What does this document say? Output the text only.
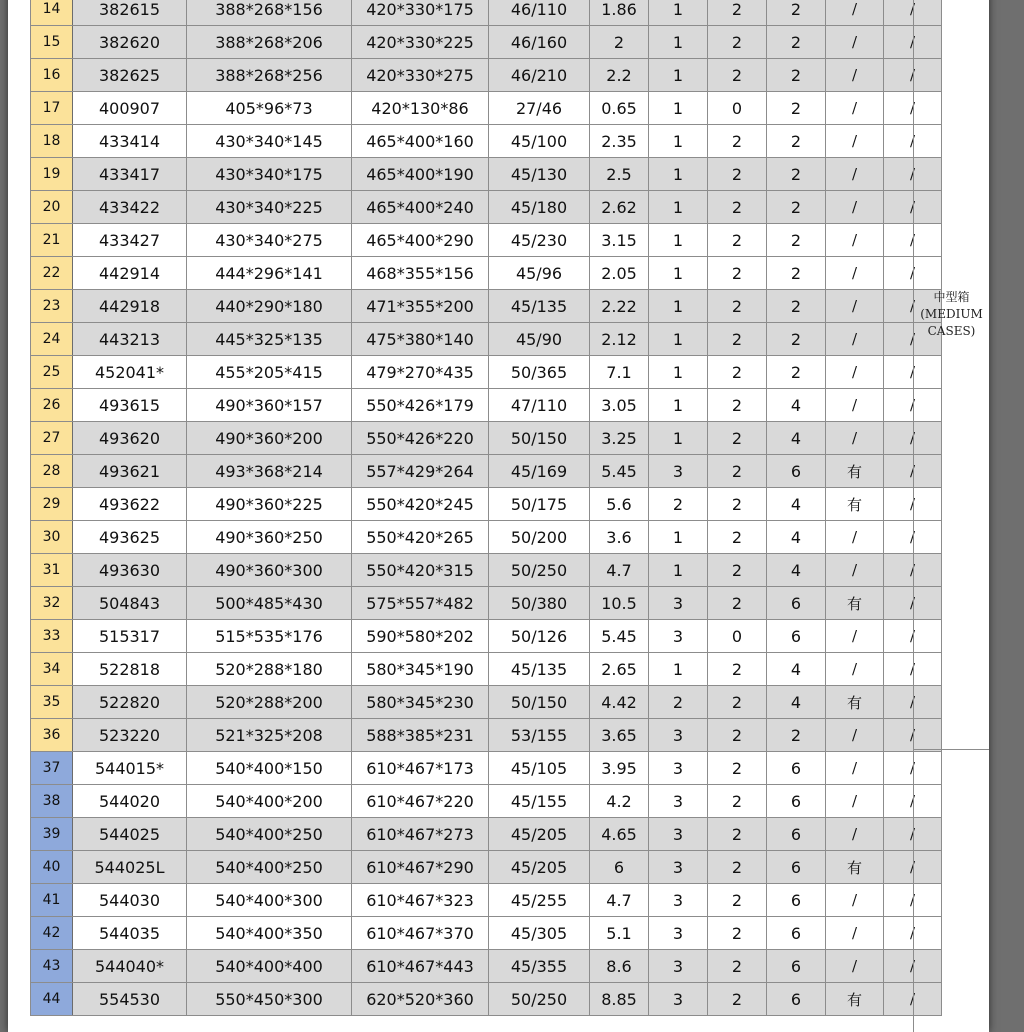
14	382615	388*268*156	420*330*175	46/110	1.86	1	2	2	/	/
15	382620	388*268*206	420*330*225	46/160	2	1	2	2	/	/
16	382625	388*268*256	420*330*275	46/210	2.2	1	2	2	/	/
17	400907	405*96*73	420*130*86	27/46	0.65	1	0	2	/	/
18	433414	430*340*145	465*400*160	45/100	2.35	1	2	2	/	/
19	433417	430*340*175	465*400*190	45/130	2.5	1	2	2	/	/
20	433422	430*340*225	465*400*240	45/180	2.62	1	2	2	/	/
21	433427	430*340*275	465*400*290	45/230	3.15	1	2	2	/	/
22	442914	444*296*141	468*355*156	45/96	2.05	1	2	2	/	/
23	442918	440*290*180	471*355*200	45/135	2.22	1	2	2	/	/
24	443213	445*325*135	475*380*140	45/90	2.12	1	2	2	/	/
25	452041*	455*205*415	479*270*435	50/365	7.1	1	2	2	/	/
26	493615	490*360*157	550*426*179	47/110	3.05	1	2	4	/	/
27	493620	490*360*200	550*426*220	50/150	3.25	1	2	4	/	/
28	493621	493*368*214	557*429*264	45/169	5.45	3	2	6	有	/
29	493622	490*360*225	550*420*245	50/175	5.6	2	2	4	有	/
30	493625	490*360*250	550*420*265	50/200	3.6	1	2	4	/	/
31	493630	490*360*300	550*420*315	50/250	4.7	1	2	4	/	/
32	504843	500*485*430	575*557*482	50/380	10.5	3	2	6	有	/
33	515317	515*535*176	590*580*202	50/126	5.45	3	0	6	/	/
34	522818	520*288*180	580*345*190	45/135	2.65	1	2	4	/	/
35	522820	520*288*200	580*345*230	50/150	4.42	2	2	4	有	/
36	523220	521*325*208	588*385*231	53/155	3.65	3	2	2	/	/
37	544015*	540*400*150	610*467*173	45/105	3.95	3	2	6	/	/
38	544020	540*400*200	610*467*220	45/155	4.2	3	2	6	/	/
39	544025	540*400*250	610*467*273	45/205	4.65	3	2	6	/	/
40	544025L	540*400*250	610*467*290	45/205	6	3	2	6	有	/
41	544030	540*400*300	610*467*323	45/255	4.7	3	2	6	/	/
42	544035	540*400*350	610*467*370	45/305	5.1	3	2	6	/	/
43	544040*	540*400*400	610*467*443	45/355	8.6	3	2	6	/	/
44	554530	550*450*300	620*520*360	50/250	8.85	3	2	6	有	/
中型箱
(MEDIUM
CASES)
